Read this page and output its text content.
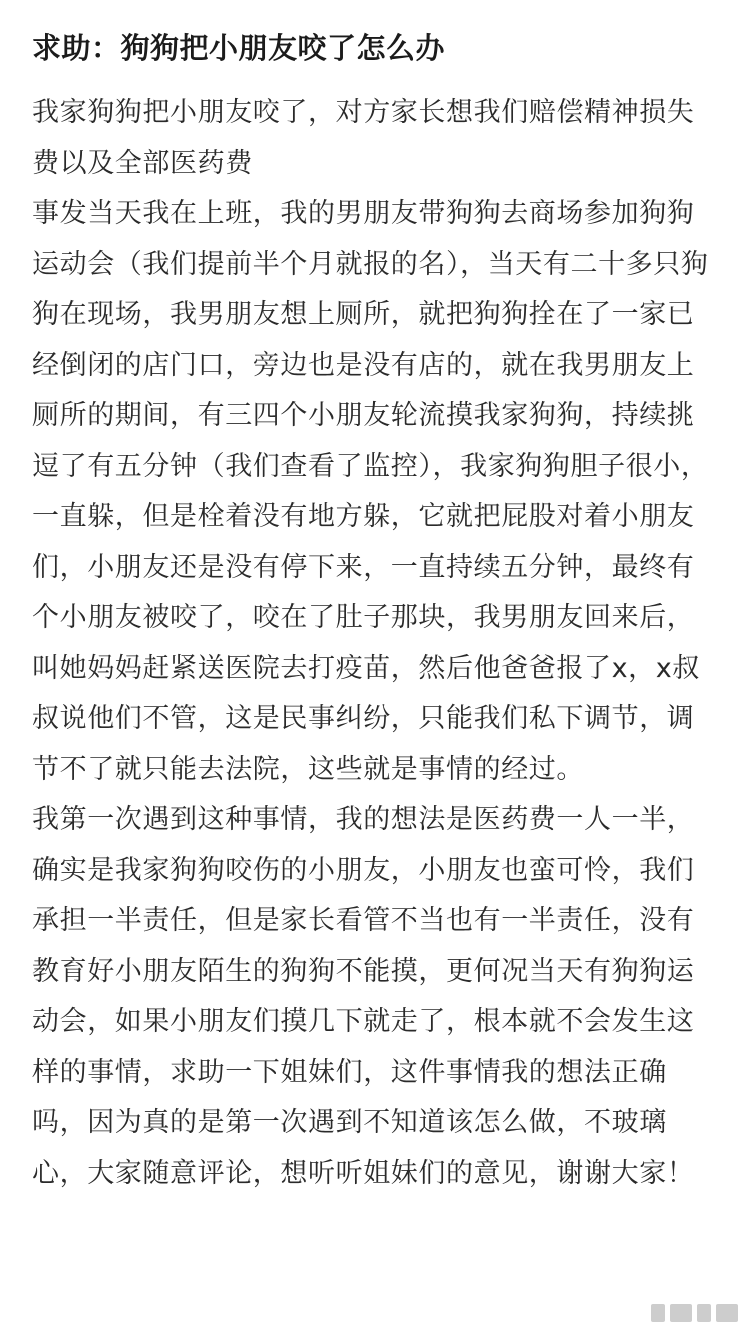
求助：狗狗把小朋友咬了怎么办

我家狗狗把小朋友咬了，对方家长想我们赔偿精神损失费以及全部医药费

事发当天我在上班，我的男朋友带狗狗去商场参加狗狗运动会（我们提前半个月就报的名），当天有二十多只狗狗在现场，我男朋友想上厕所，就把狗狗拴在了一家已经倒闭的店门口，旁边也是没有店的，就在我男朋友上厕所的期间，有三四个小朋友轮流摸我家狗狗，持续挑逗了有五分钟（我们查看了监控），我家狗狗胆子很小，一直躲，但是栓着没有地方躲，它就把屁股对着小朋友们，小朋友还是没有停下来，一直持续五分钟，最终有个小朋友被咬了，咬在了肚子那块，我男朋友回来后，叫她妈妈赶紧送医院去打疫苗，然后他爸爸报了x，x叔叔说他们不管，这是民事纠纷，只能我们私下调节，调节不了就只能去法院，这些就是事情的经过。

我第一次遇到这种事情，我的想法是医药费一人一半，确实是我家狗狗咬伤的小朋友，小朋友也蛮可怜，我们承担一半责任，但是家长看管不当也有一半责任，没有教育好小朋友陌生的狗狗不能摸，更何况当天有狗狗运动会，如果小朋友们摸几下就走了，根本就不会发生这样的事情，求助一下姐妹们，这件事情我的想法正确吗，因为真的是第一次遇到不知道该怎么做，不玻璃心，大家随意评论，想听听姐妹们的意见，谢谢大家！
